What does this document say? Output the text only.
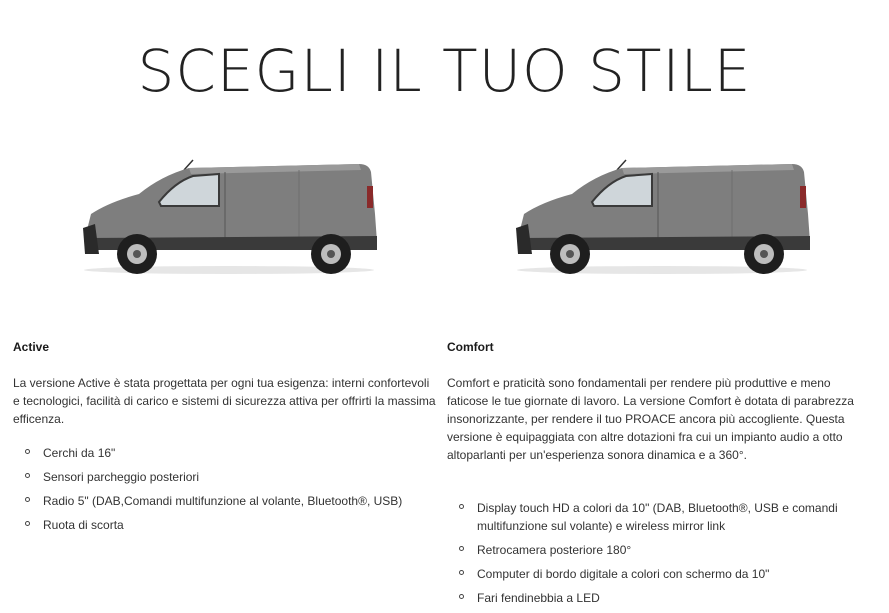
SCEGLI IL TUO STILE
Active

La versione Active è stata progettata per ogni tua esigenza: interni confortevoli e tecnologici, facilità di carico e sistemi di sicurezza attiva per offrirti la massima efficenza.

Cerchi da 16"
Sensori parcheggio posteriori
Radio 5" (DAB,Comandi multifunzione al volante, Bluetooth®, USB)
Ruota di scorta
Comfort

Comfort e praticità sono fondamentali per rendere più produttive e meno faticose le tue giornate di lavoro. La versione Comfort è dotata di parabrezza insonorizzante, per rendere il tuo PROACE ancora più accogliente. Questa versione è equipaggiata con altre dotazioni fra cui un impianto audio a otto altoparlanti per un'esperienza sonora dinamica e a 360°.

Display touch HD a colori da 10" (DAB, Bluetooth®, USB e comandi multifunzione sul volante) e wireless mirror link
Retrocamera posteriore 180°
Computer di bordo digitale a colori con schermo da 10"
Fari fendinebbia a LED
